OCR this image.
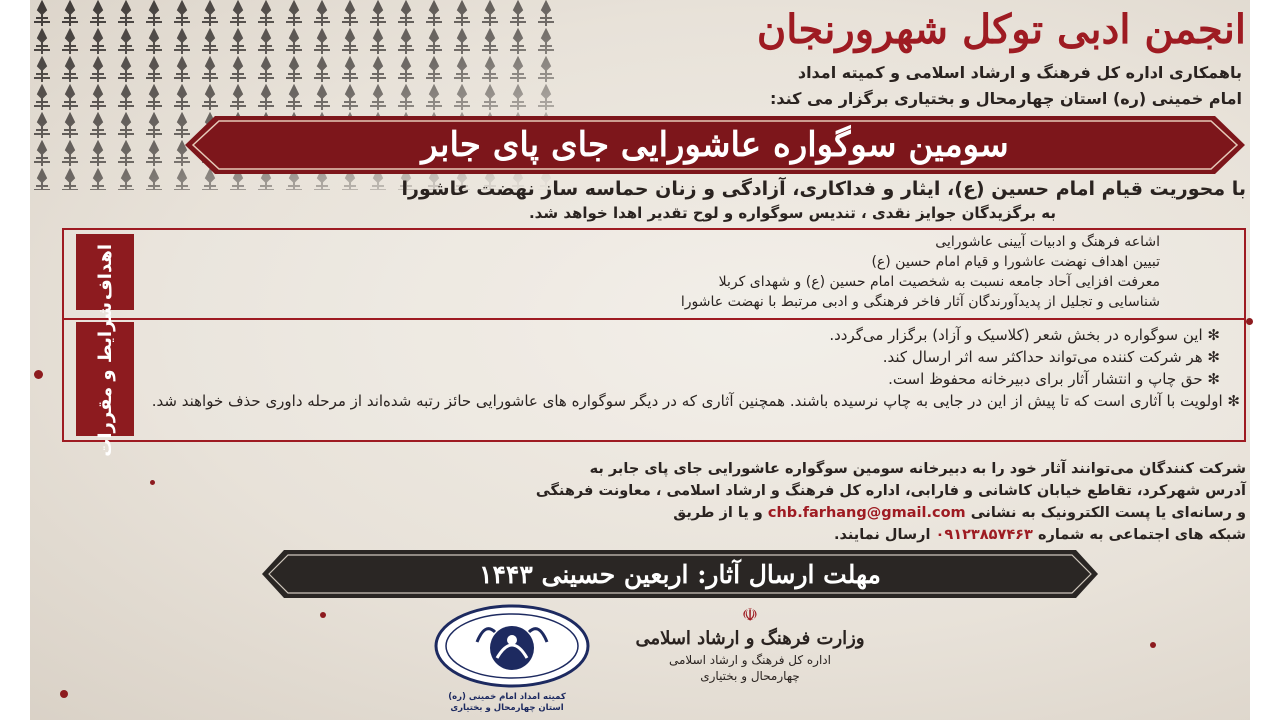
انجمن ادبی توکل شهرورنجان
باهمکاری اداره کل فرهنگ و ارشاد اسلامی و کمیته امداد
امام خمینی (ره) استان چهارمحال و بختیاری برگزار می کند:
سومین سوگواره عاشورایی جای پای جابر
با محوریت قیام امام حسین (ع)، ایثار و فداکاری، آزادگی و زنان حماسه ساز نهضت عاشورا
به برگزیدگان جوایز نقدی ، تندیس سوگواره و لوح تقدیر اهدا خواهد شد.
اهداف
اشاعه فرهنگ و ادبیات آیینی عاشورایی
تبیین اهداف نهضت عاشورا و قیام امام حسین (ع)
معرفت افزایی آحاد جامعه نسبت به شخصیت امام حسین (ع) و شهدای کربلا
شناسایی و تجلیل از پدیدآورندگان آثار فاخر فرهنگی و ادبی مرتبط با نهضت عاشورا
شرایط و مقررات	✻ این سوگواره در بخش شعر (کلاسیک و آزاد) برگزار می‌گردد.
✻ هر شرکت کننده می‌تواند حداکثر سه اثر ارسال کند.
✻ حق چاپ و انتشار آثار برای دبیرخانه محفوظ است.
✻ اولویت با آثاری است که تا پیش از این در جایی به چاپ نرسیده باشند. همچنین آثاری که در دیگر سوگواره های عاشورایی حائز رتبه شده‌اند از مرحله داوری حذف خواهند شد.
شرکت کنندگان می‌توانند آثار خود را به دبیرخانه سومین سوگواره عاشورایی جای پای جابر به
آدرس شهرکرد، تقاطع خیابان کاشانی و فارابی، اداره کل فرهنگ و ارشاد اسلامی ، معاونت فرهنگی
و رسانه‌ای یا پست الکترونیک به نشانی chb.farhang@gmail.com و یا از طریق
شبکه های اجتماعی به شماره ۰۹۱۲۳۸۵۷۴۶۳ ارسال نمایند.
مهلت ارسال آثار: اربعین حسینی ۱۴۴۳
کمیته امداد امام خمینی (ره)
استان چهارمحال و بختیاری
☫
وزارت فرهنگ و ارشاد اسلامی
اداره کل فرهنگ و ارشاد اسلامی
چهارمحال و بختیاری
